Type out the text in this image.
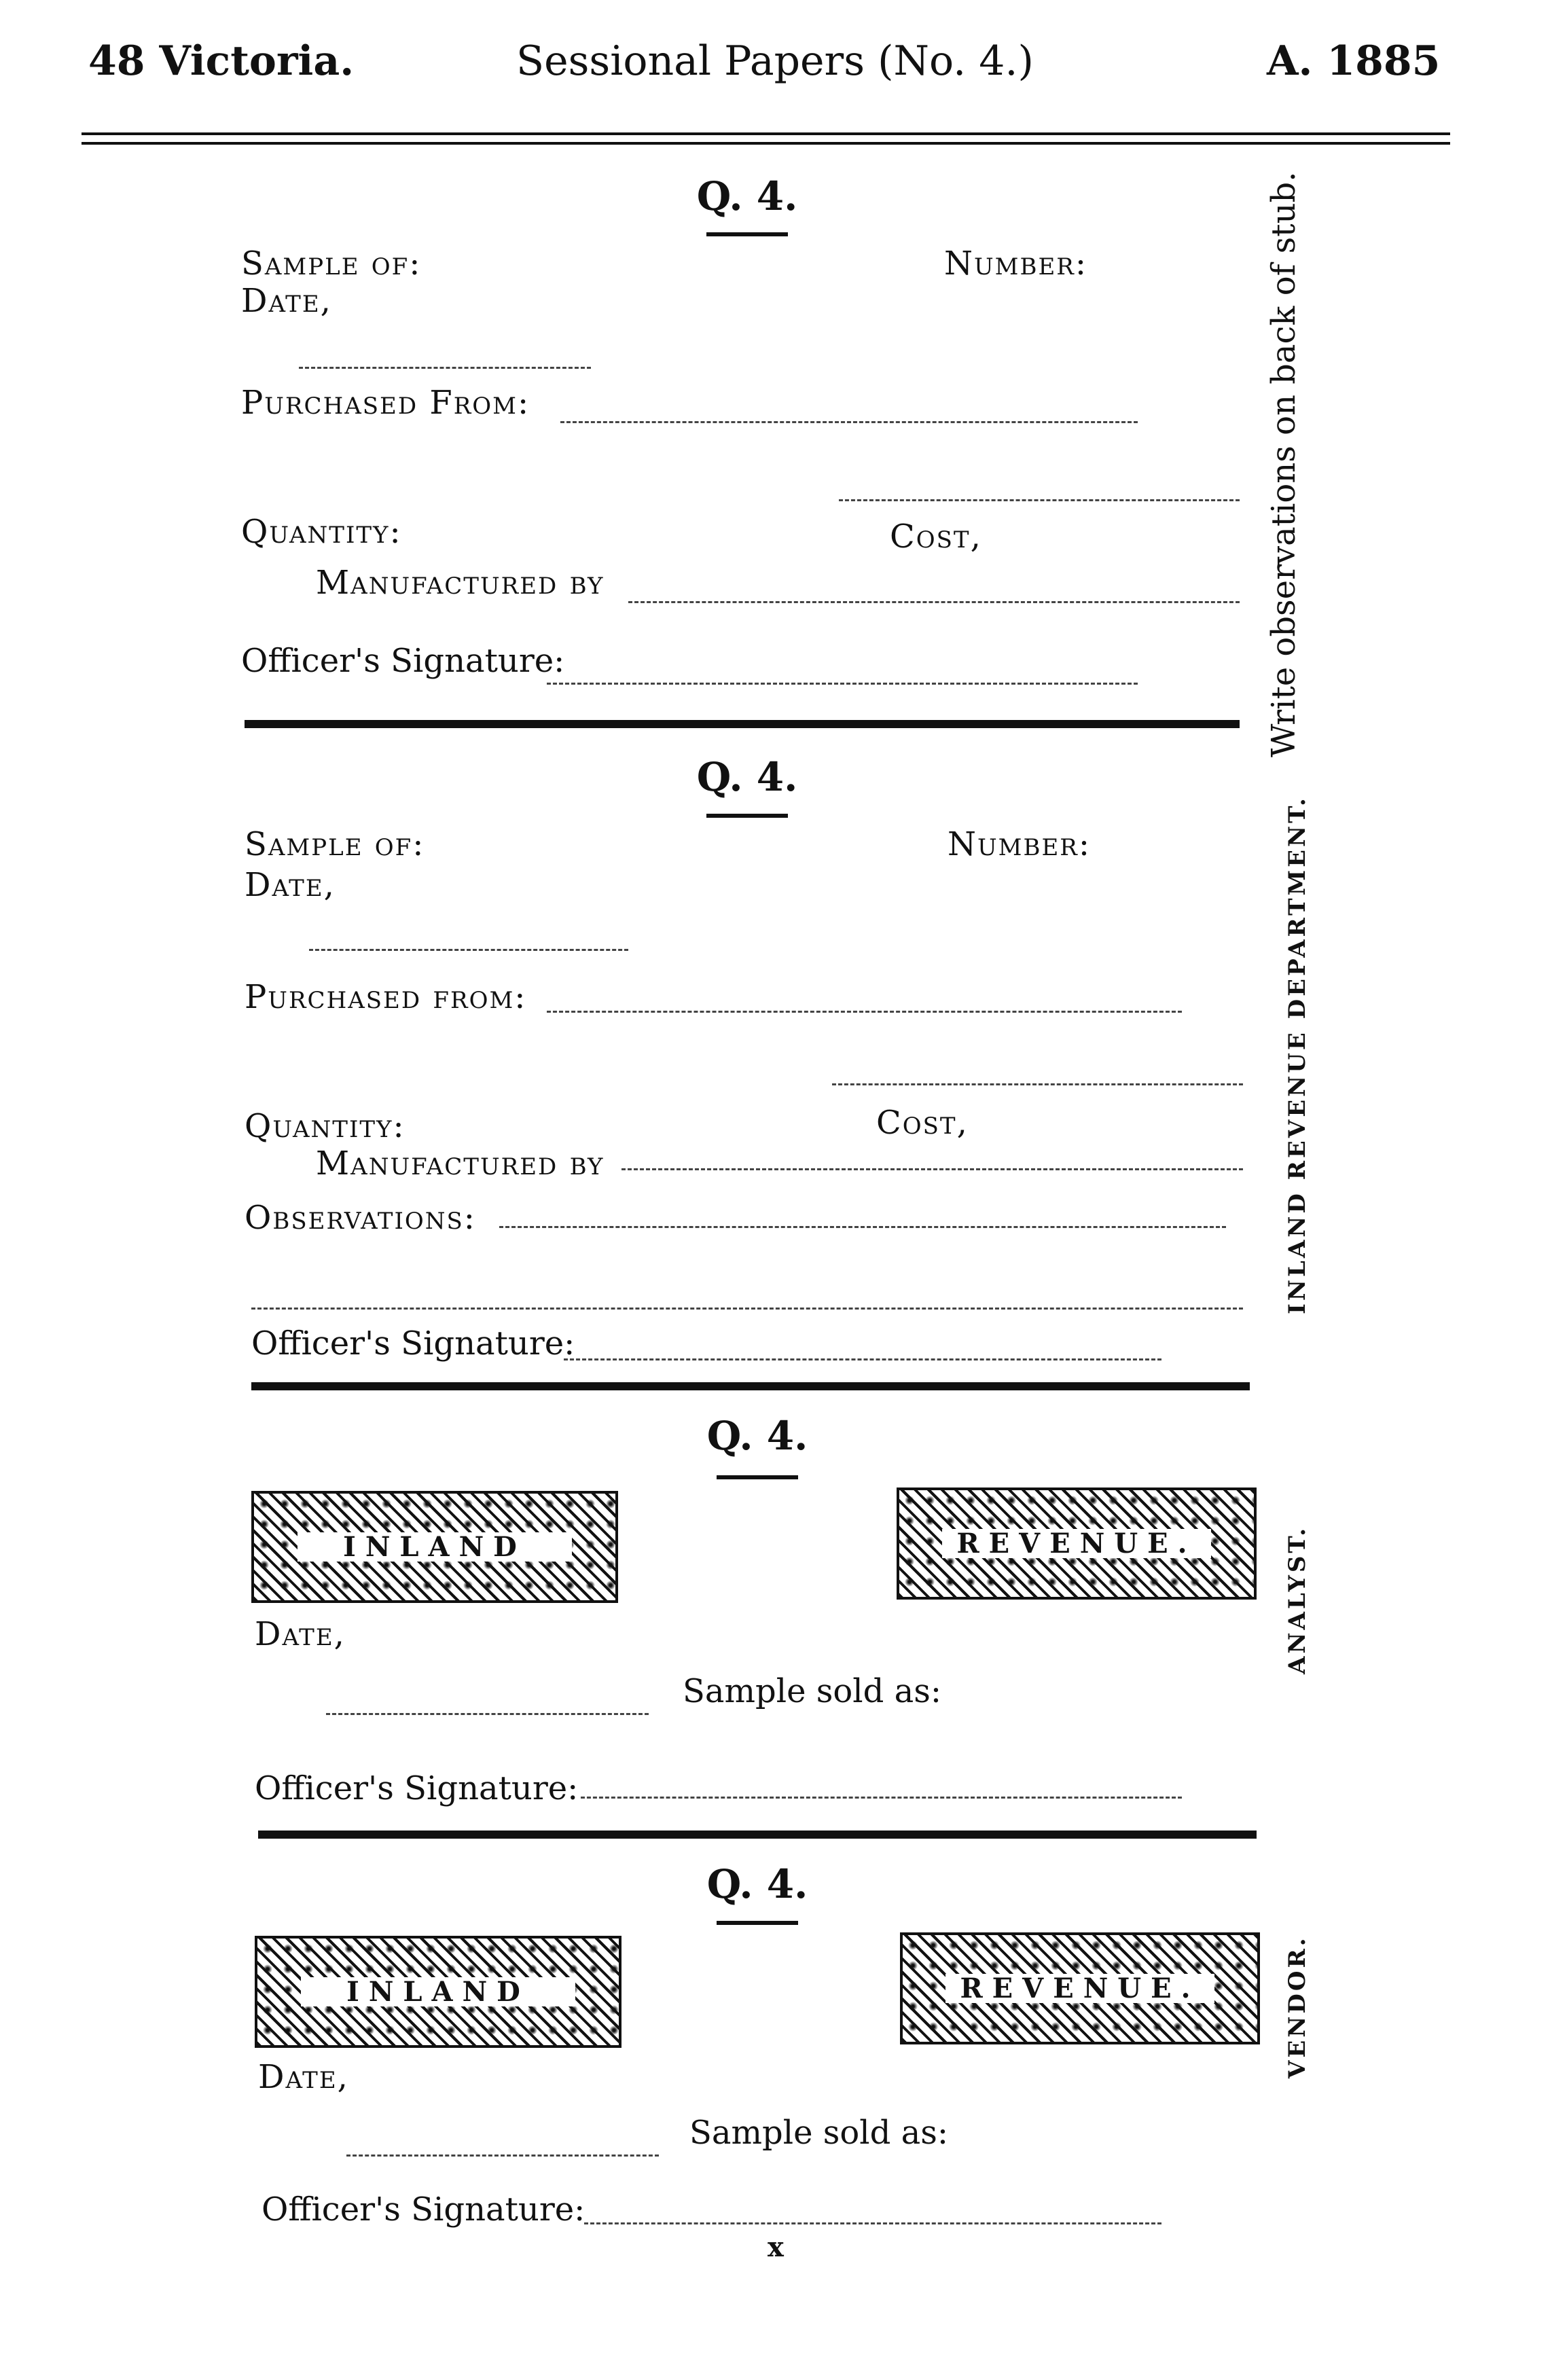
48 Victoria.	Sessional Papers (No. 4.)	A. 1885
Q. 4.
Sample of:	Number:
Date,
Purchased From:
Quantity:	Cost,
Manufactured by
Officer's Signature:	Write observations on back of stub.
Q. 4.
Sample of:	Number:
Date,
Purchased from:
Quantity:	Cost,
Manufactured by
Observations:
Officer's Signature:
INLAND REVENUE DEPARTMENT.
Q. 4.
INLAND	REVENUE.
Date,
Sample sold as:
Officer's Signature:
ANALYST.
Q. 4.
INLAND	REVENUE.
Date,
Sample sold as:
Officer's Signature:
VENDOR.
x
